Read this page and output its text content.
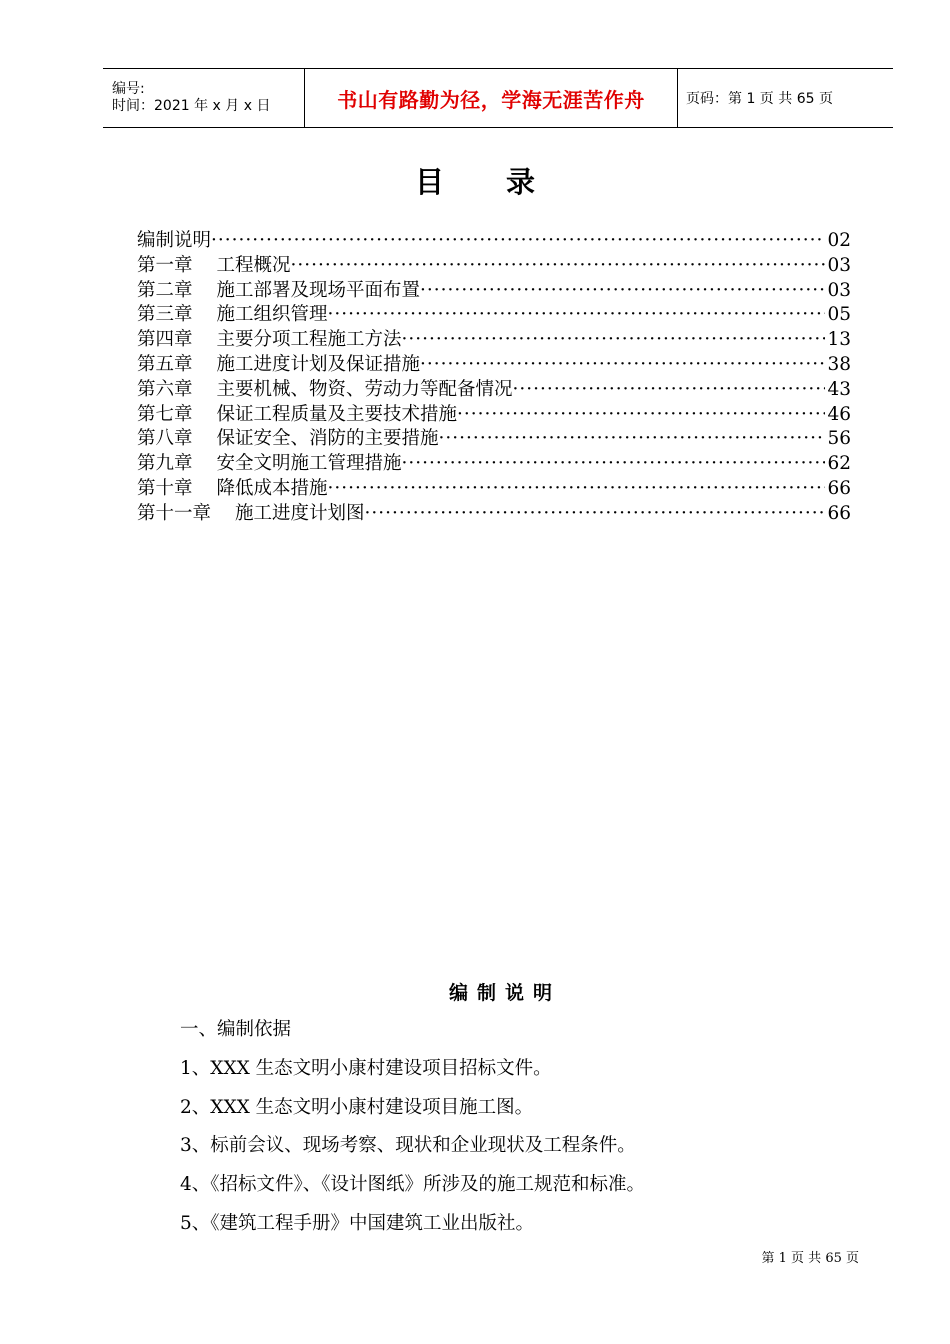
编号:
时间：2021 年 x 月 x 日	书山有路勤为径，学海无涯苦作舟	页码：第 1 页 共 65 页
目 录
编制说明 ·····	02
第一章 工程概况 ·····	03
第二章 施工部署及现场平面布置 ·····	03
第三章 施工组织管理 ·····	05
第四章 主要分项工程施工方法 ·····	13
第五章 施工进度计划及保证措施 ·····	38
第六章 主要机械、物资、劳动力等配备情况 ·····	43
第七章 保证工程质量及主要技术措施 ·····	46
第八章 保证安全、消防的主要措施 ·····	56
第九章 安全文明施工管理措施 ·····	62
第十章 降低成本措施 ·····	66
第十一章 施工进度计划图 ·····	66
编制说明
一、编制依据
1、XXX 生态文明小康村建设项目招标文件。
2、XXX 生态文明小康村建设项目施工图。
3、标前会议、现场考察、现状和企业现状及工程条件。
4、《招标文件》、《设计图纸》所涉及的施工规范和标准。
5、《建筑工程手册》中国建筑工业出版社。
第 1 页 共 65 页
